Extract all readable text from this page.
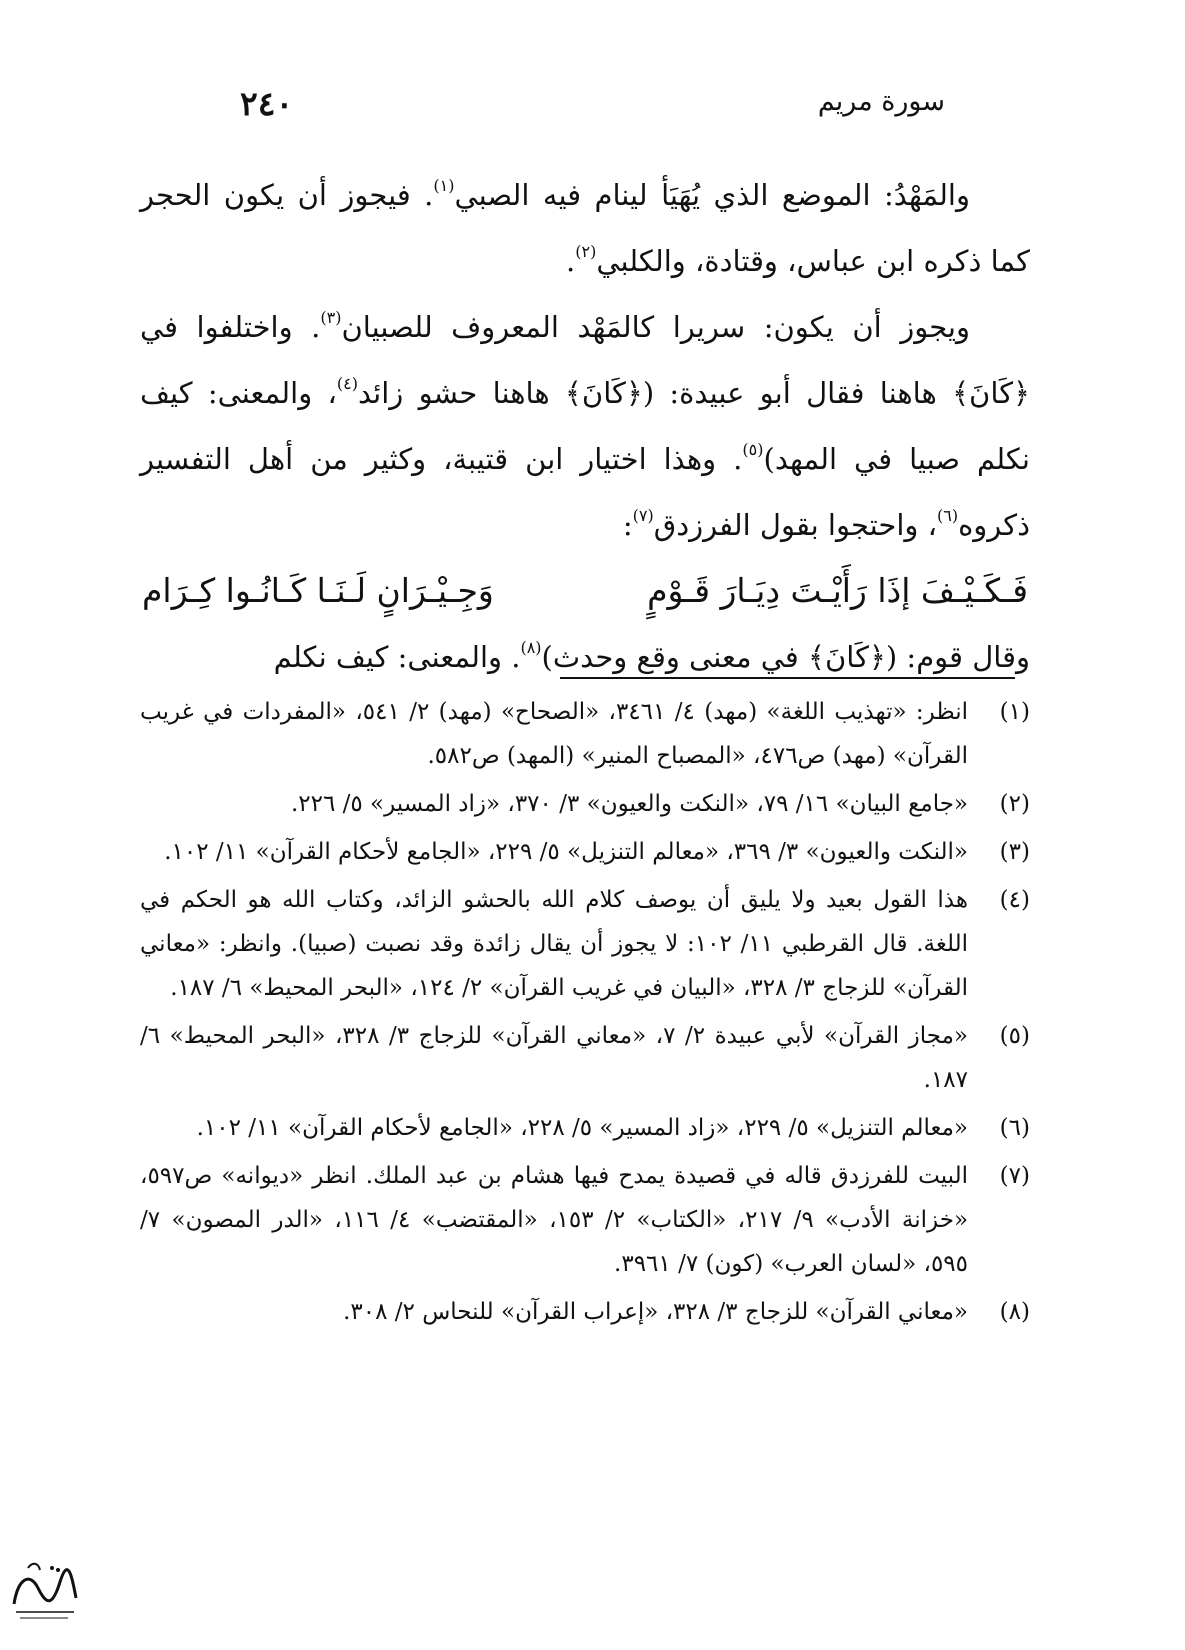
سورة مريم
٢٤٠

والمَهْدُ: الموضع الذي يُهَيَأ لينام فيه الصبي$^{(١)}$. فيجوز أن يكون الحجر كما ذكره ابن عباس، وقتادة، والكلبي$^{(٢)}$.

ويجوز أن يكون: سريرا كالمَهْد المعروف للصبيان$^{(٣)}$. واختلفوا في ﴿كَانَ﴾ هاهنا فقال أبو عبيدة: (﴿كَانَ﴾ هاهنا حشو زائد$^{(٤)}$، والمعنى: كيف نكلم صبيا في المهد)$^{(٥)}$. وهذا اختيار ابن قتيبة، وكثير من أهل التفسير ذكروه$^{(٦)}$، واحتجوا بقول الفرزدق$^{(٧)}$:

فَـكَـيْـفَ إذَا رَأَيْـتَ دِيَـارَ قَـوْمٍ
وَجِـيْـرَانٍ لَـنَـا كَـانُـوا كِـرَام

وقال قوم: (﴿كَانَ﴾ في معنى وقع وحدث)$^{(٨)}$. والمعنى: كيف نكلم

(١)
انظر: «تهذيب اللغة» (مهد) ٤/ ٣٤٦١، «الصحاح» (مهد) ٢/ ٥٤١، «المفردات في غريب القرآن» (مهد) ص٤٧٦، «المصباح المنير» (المهد) ص٥٨٢.
(٢)
«جامع البيان» ١٦/ ٧٩، «النكت والعيون» ٣/ ٣٧٠، «زاد المسير» ٥/ ٢٢٦.
(٣)
«النكت والعيون» ٣/ ٣٦٩، «معالم التنزيل» ٥/ ٢٢٩، «الجامع لأحكام القرآن» ١١/ ١٠٢.
(٤)
هذا القول بعيد ولا يليق أن يوصف كلام الله بالحشو الزائد، وكتاب الله هو الحكم في اللغة. قال القرطبي ١١/ ١٠٢: لا يجوز أن يقال زائدة وقد نصبت (صبيا). وانظر: «معاني القرآن» للزجاج ٣/ ٣٢٨، «البيان في غريب القرآن» ٢/ ١٢٤، «البحر المحيط» ٦/ ١٨٧.
(٥)
«مجاز القرآن» لأبي عبيدة ٢/ ٧، «معاني القرآن» للزجاج ٣/ ٣٢٨، «البحر المحيط» ٦/ ١٨٧.
(٦)
«معالم التنزيل» ٥/ ٢٢٩، «زاد المسير» ٥/ ٢٢٨، «الجامع لأحكام القرآن» ١١/ ١٠٢.
(٧)
البيت للفرزدق قاله في قصيدة يمدح فيها هشام بن عبد الملك. انظر «ديوانه» ص٥٩٧، «خزانة الأدب» ٩/ ٢١٧، «الكتاب» ٢/ ١٥٣، «المقتضب» ٤/ ١١٦، «الدر المصون» ٧/ ٥٩٥، «لسان العرب» (كون) ٧/ ٣٩٦١.
(٨)
«معاني القرآن» للزجاج ٣/ ٣٢٨، «إعراب القرآن» للنحاس ٢/ ٣٠٨.
